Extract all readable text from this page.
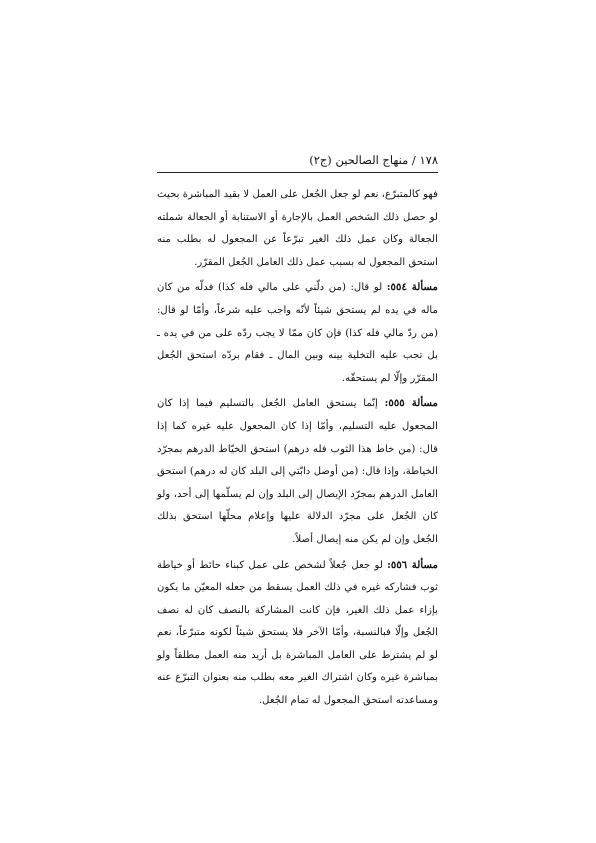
١٧٨ / منهاج الصالحين (ج٢)

فهو كالمتبرّع، نعم لو جعل الجُعل على العمل لا بقيد المباشرة بحيث لو حصل ذلك الشخص العمل بالإجارة أو الاستنابة أو الجعالة شملته الجعالة وكان عمل ذلك الغير تبرّعاً عن المجعول له بطلب منه استحق المجعول له بسبب عمل ذلك العامل الجُعل المقرّر.

مسألة ٥٥٤: لو قال: (من دلّني على مالي فله كذا) فدلّه من كان ماله في يده لم يستحق شيئاً لأنّه واجب عليه شرعاً، وأمّا لو قال: (من ردّ مالي فله كذا) فإن كان ممّا لا يجب ردّه على من في يده ـ بل تجب عليه التخلية بينه وبين المال ـ فقام بردّه استحق الجُعل المقرّر وإلّا لم يستحقّه.

مسألة ٥٥٥: إنّما يستحق العامل الجُعل بالتسليم فيما إذا كان المجعول عليه التسليم، وأمّا إذا كان المجعول عليه غيره كما إذا قال: (من خاط هذا الثوب فله درهم) استحق الخيّاط الدرهم بمجرّد الخياطة، وإذا قال: (من أوصل دابّتي إلى البلد كان له درهم) استحق العامل الدرهم بمجرّد الإيصال إلى البلد وإن لم يسلّمها إلى أحد، ولو كان الجُعل على مجرّد الدلالة عليها وإعلام محلّها استحق بذلك الجُعل وإن لم يكن منه إيصال أصلاً.

مسألة ٥٥٦: لو جعل جُعلاً لشخص على عمل كبناء حائط أو خياطة ثوب فشاركه غيره في ذلك العمل يسقط من جعله المعيّن ما يكون بإزاء عمل ذلك الغير، فإن كانت المشاركة بالنصف كان له نصف الجُعل وإلّا فبالنسبة، وأمّا الآخر فلا يستحق شيئاً لكونه متبرّعاً، نعم لو لم يشترط على العامل المباشرة بل أريد منه العمل مطلقاً ولو بمباشرة غيره وكان اشتراك الغير معه بطلب منه بعنوان التبرّع عنه ومساعدته استحق المجعول له تمام الجُعل.
